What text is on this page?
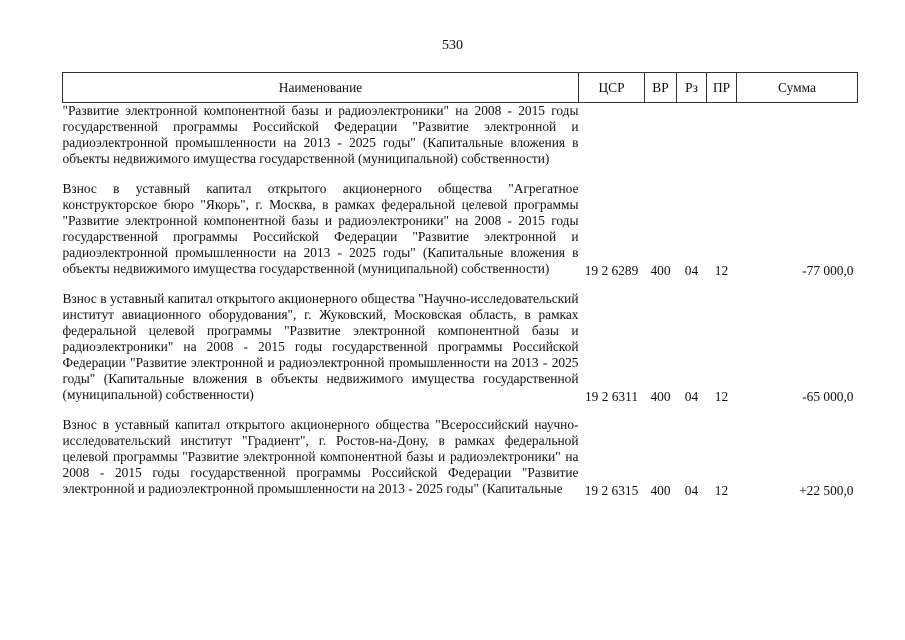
530
Наименование	ЦСР	ВР	Рз	ПР	Сумма
"Развитие электронной компонентной базы и радиоэлектроники" на 2008 - 2015 годы государственной программы Российской Федерации "Развитие электронной и радиоэлектронной промышленности на 2013 - 2025 годы" (Капитальные вложения в объекты недвижимого имущества государственной (муниципальной) собственности)					

Взнос в уставный капитал открытого акционерного общества "Агрегатное конструкторское бюро "Якорь", г. Москва, в рамках федеральной целевой программы "Развитие электронной компонентной базы и радиоэлектроники" на 2008 - 2015 годы государственной программы Российской Федерации "Развитие электронной и радиоэлектронной промышленности на 2013 - 2025 годы" (Капитальные вложения в объекты недвижимого имущества государственной (муниципальной) собственности)	19 2 6289	400	04	12	-77 000,0

Взнос в уставный капитал открытого акционерного общества "Научно-исследовательский институт авиационного оборудования", г. Жуковский, Московская область, в рамках федеральной целевой программы "Развитие электронной компонентной базы и радиоэлектроники" на 2008 - 2015 годы государственной программы Российской Федерации "Развитие электронной и радиоэлектронной промышленности на 2013 - 2025 годы" (Капитальные вложения в объекты недвижимого имущества государственной (муниципальной) собственности)	19 2 6311	400	04	12	-65 000,0

Взнос в уставный капитал открытого акционерного общества "Всероссийский научно-исследовательский институт "Градиент", г. Ростов-на-Дону, в рамках федеральной целевой программы "Развитие электронной компонентной базы и радиоэлектроники" на 2008 - 2015 годы государственной программы Российской Федерации "Развитие электронной и радиоэлектронной промышленности на 2013 - 2025 годы" (Капитальные	19 2 6315	400	04	12	+22 500,0
